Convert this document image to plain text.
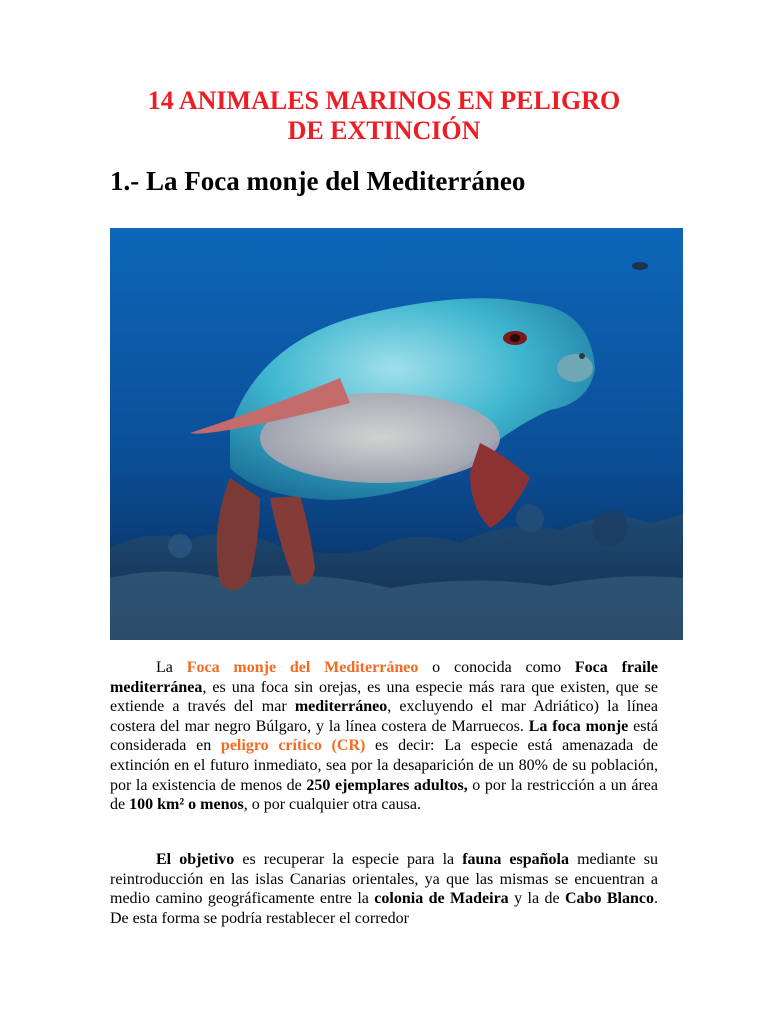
14 ANIMALES MARINOS EN PELIGRO
DE EXTINCIÓN
1.- La Foca monje del Mediterráneo

La Foca monje del Mediterráneo o conocida como Foca fraile mediterránea, es una foca sin orejas, es una especie más rara que existen, que se extiende a través del mar mediterráneo, excluyendo el mar Adriático) la línea costera del mar negro Búlgaro, y la línea costera de Marruecos. La foca monje está considerada en peligro crítico (CR) es decir: La especie está amenazada de extinción en el futuro inmediato, sea por la desaparición de un 80% de su población, por la existencia de menos de 250 ejemplares adultos, o por la restricción a un área de 100 km² o menos, o por cualquier otra causa.

El objetivo es recuperar la especie para la fauna española mediante su reintroducción en las islas Canarias orientales, ya que las mismas se encuentran a medio camino geográficamente entre la colonia de Madeira y la de Cabo Blanco. De esta forma se podría restablecer el corredor
